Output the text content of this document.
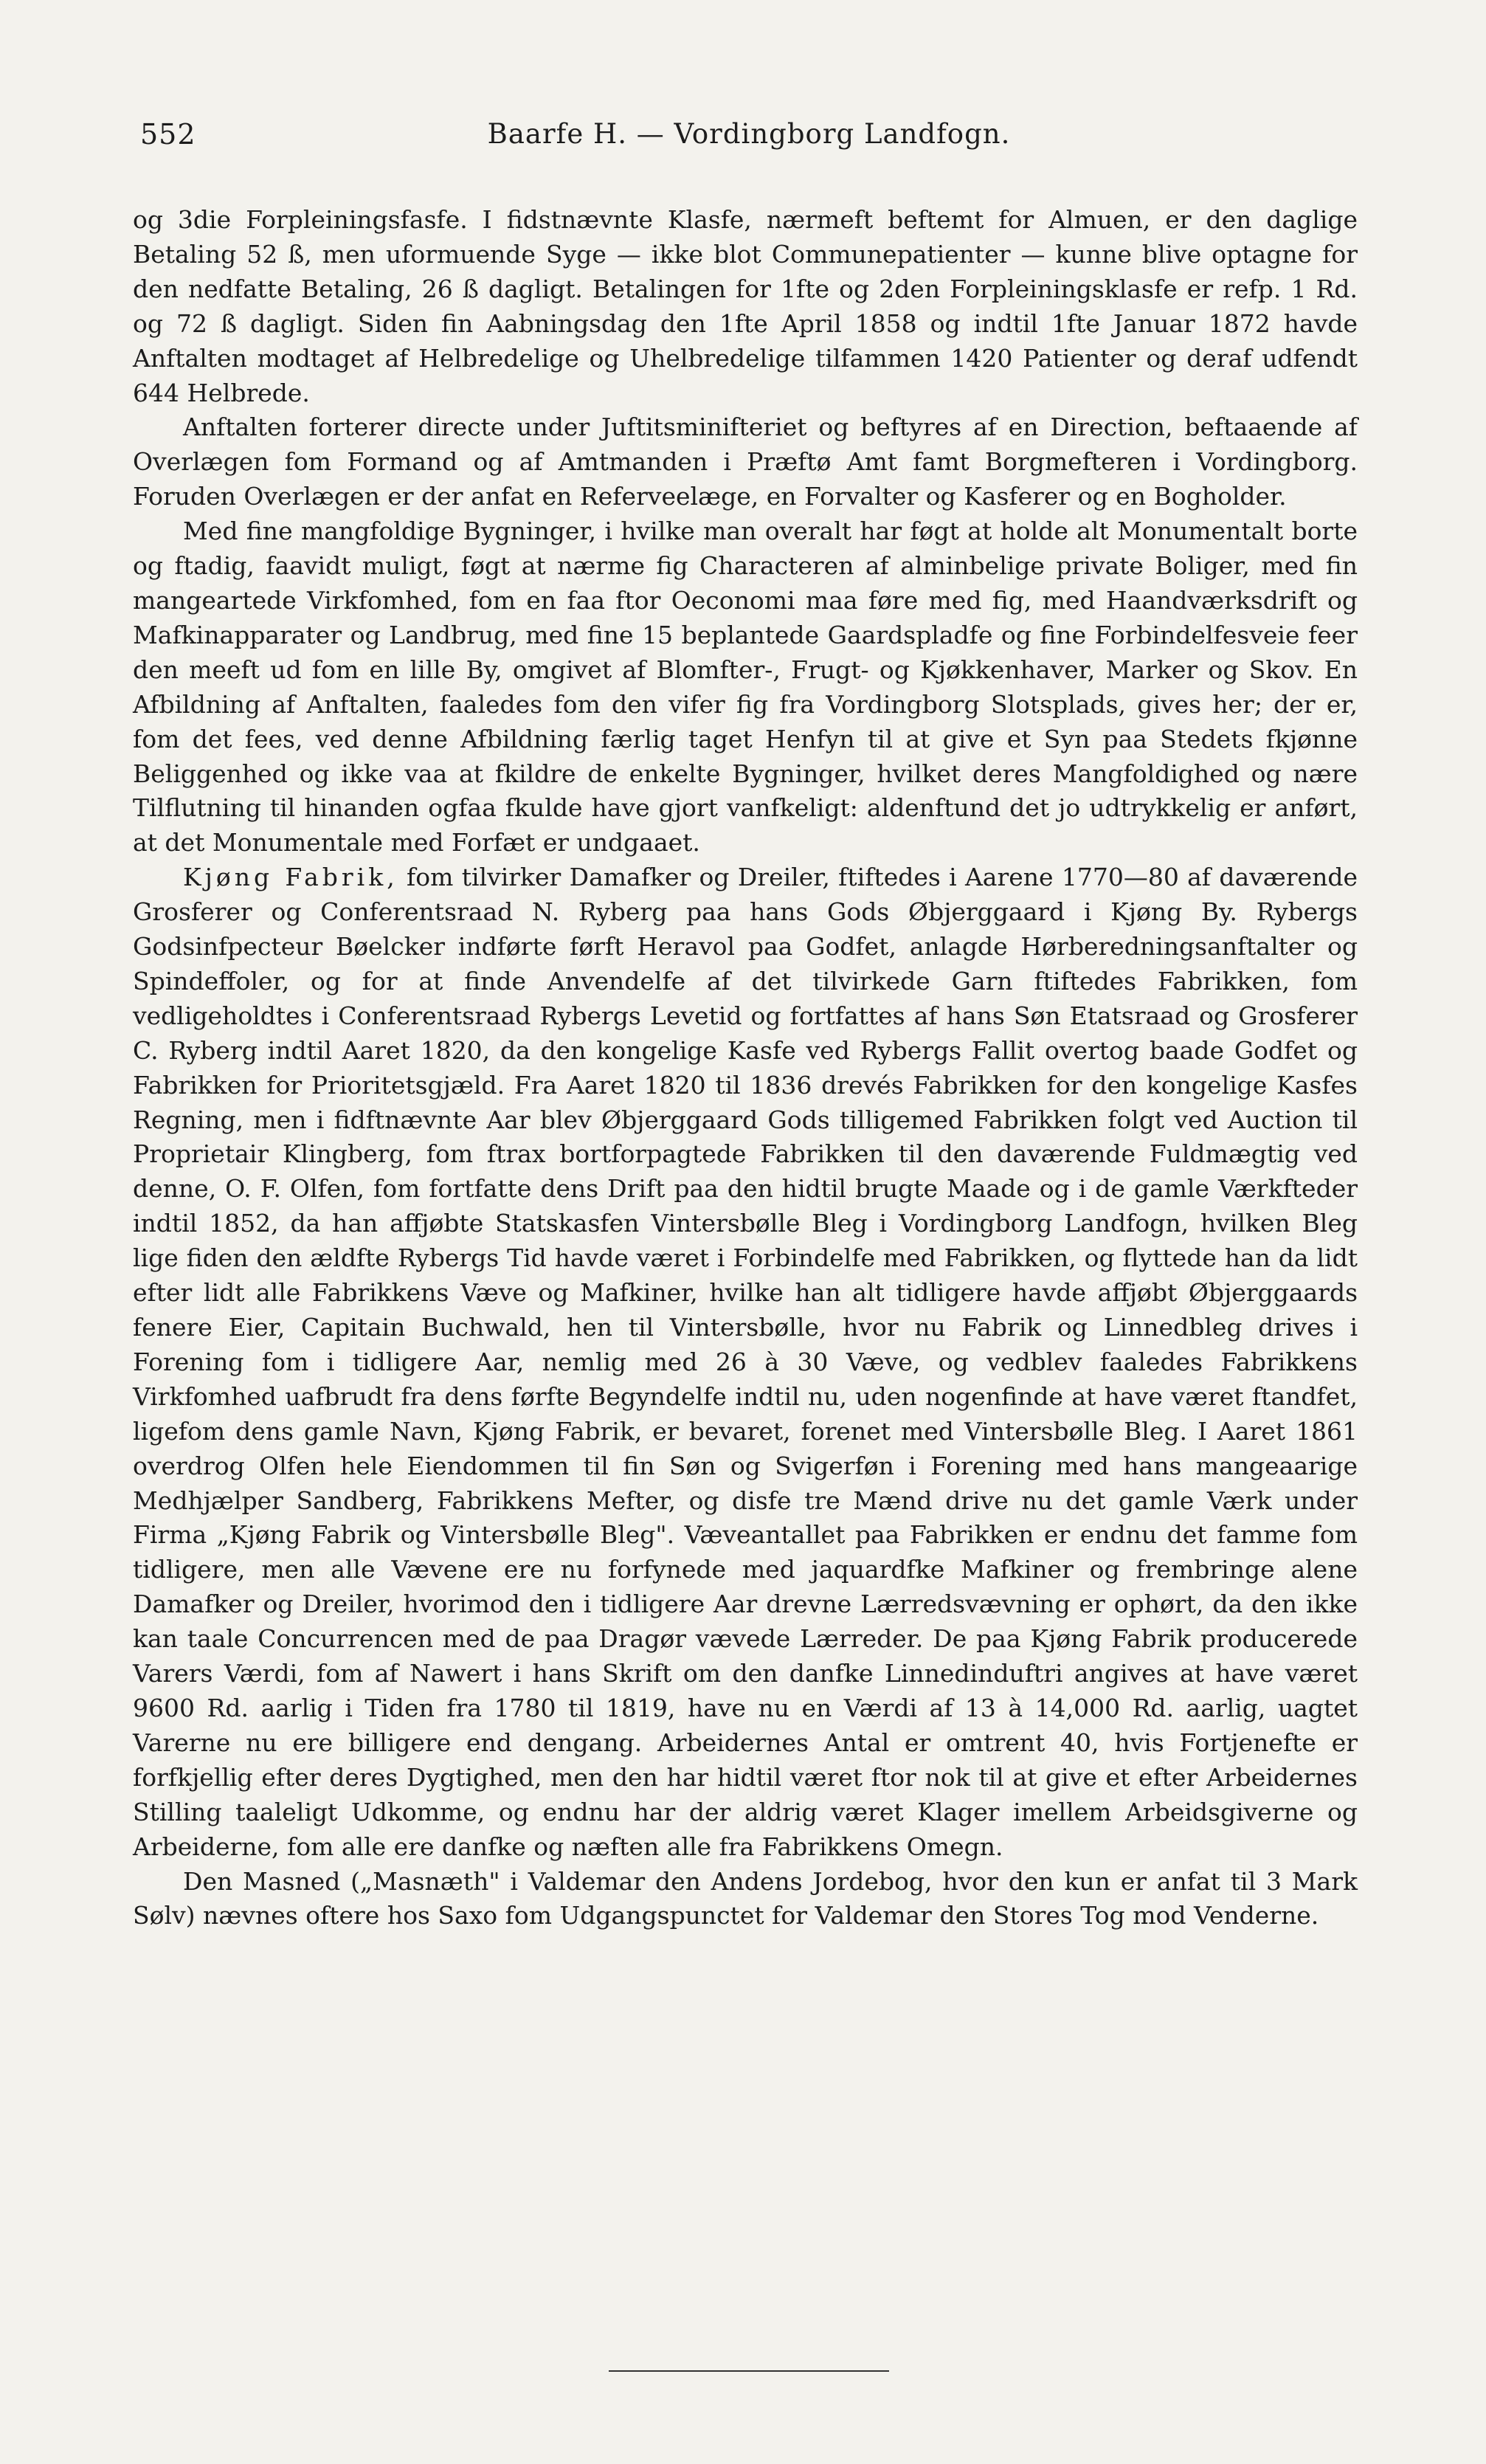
552	Baarfe H. — Vordingborg Landfogn.

og 3die Forpleiningsfasfe. I fidstnævnte Klasfe, nærmeft beftemt for Almuen, er den daglige Betaling 52 ß, men uformuende Syge — ikke blot Communepatienter — kunne blive optagne for den nedfatte Betaling, 26 ß dagligt. Betalingen for 1fte og 2den Forpleiningsklasfe er refp. 1 Rd. og 72 ß dagligt. Siden fin Aabningsdag den 1fte April 1858 og indtil 1fte Januar 1872 havde Anftalten modtaget af Helbredelige og Uhelbredelige tilfammen 1420 Patienter og deraf udfendt 644 Helbrede.

Anftalten forterer directe under Juftitsminifteriet og beftyres af en Direction, beftaaende af Overlægen fom Formand og af Amtmanden i Præftø Amt famt Borgmefteren i Vordingborg. Foruden Overlægen er der anfat en Referveelæge, en Forvalter og Kasferer og en Bogholder.

Med fine mangfoldige Bygninger, i hvilke man overalt har føgt at holde alt Monumentalt borte og ftadig, faavidt muligt, føgt at nærme fig Characteren af alminbelige private Boliger, med fin mangeartede Virkfomhed, fom en faa ftor Oeconomi maa føre med fig, med Haandværksdrift og Mafkinapparater og Landbrug, med fine 15 beplantede Gaardspladfe og fine Forbindelfesveie feer den meeft ud fom en lille By, omgivet af Blomfter-, Frugt- og Kjøkkenhaver, Marker og Skov. En Afbildning af Anftalten, faaledes fom den vifer fig fra Vordingborg Slotsplads, gives her; der er, fom det fees, ved denne Afbildning færlig taget Henfyn til at give et Syn paa Stedets fkjønne Beliggenhed og ikke vaa at fkildre de enkelte Bygninger, hvilket deres Mangfoldighed og nære Tilflutning til hinanden ogfaa fkulde have gjort vanfkeligt: aldenftund det jo udtrykkelig er anført, at det Monumentale med Forfæt er undgaaet.

Kjøng Fabrik, fom tilvirker Damafker og Dreiler, ftiftedes i Aarene 1770—80 af daværende Grosferer og Conferentsraad N. Ryberg paa hans Gods Øbjerggaard i Kjøng By. Rybergs Godsinfpecteur Bøelcker indførte førft Heravol paa Godfet, anlagde Hørberedningsanftalter og Spindeffoler, og for at finde Anvendelfe af det tilvirkede Garn ftiftedes Fabrikken, fom vedligeholdtes i Conferentsraad Rybergs Levetid og fortfattes af hans Søn Etatsraad og Grosferer C. Ryberg indtil Aaret 1820, da den kongelige Kasfe ved Rybergs Fallit overtog baade Godfet og Fabrikken for Prioritetsgjæld. Fra Aaret 1820 til 1836 drevés Fabrikken for den kongelige Kasfes Regning, men i fidftnævnte Aar blev Øbjerggaard Gods tilligemed Fabrikken folgt ved Auction til Proprietair Klingberg, fom ftrax bortforpagtede Fabrikken til den daværende Fuldmægtig ved denne, O. F. Olfen, fom fortfatte dens Drift paa den hidtil brugte Maade og i de gamle Værkfteder indtil 1852, da han affjøbte Statskasfen Vintersbølle Bleg i Vordingborg Landfogn, hvilken Bleg lige fiden den ældfte Rybergs Tid havde været i Forbindelfe med Fabrikken, og flyttede han da lidt efter lidt alle Fabrikkens Væve og Mafkiner, hvilke han alt tidligere havde affjøbt Øbjerggaards fenere Eier, Capitain Buchwald, hen til Vintersbølle, hvor nu Fabrik og Linnedbleg drives i Forening fom i tidligere Aar, nemlig med 26 à 30 Væve, og vedblev faaledes Fabrikkens Virkfomhed uafbrudt fra dens førfte Begyndelfe indtil nu, uden nogenfinde at have været ftandfet, ligefom dens gamle Navn, Kjøng Fabrik, er bevaret, forenet med Vintersbølle Bleg. I Aaret 1861 overdrog Olfen hele Eiendommen til fin Søn og Svigerføn i Forening med hans mangeaarige Medhjælper Sandberg, Fabrikkens Mefter, og disfe tre Mænd drive nu det gamle Værk under Firma „Kjøng Fabrik og Vintersbølle Bleg". Væveantallet paa Fabrikken er endnu det famme fom tidligere, men alle Vævene ere nu forfynede med jaquardfke Mafkiner og frembringe alene Damafker og Dreiler, hvorimod den i tidligere Aar drevne Lærredsvævning er ophørt, da den ikke kan taale Concurrencen med de paa Dragør vævede Lærreder. De paa Kjøng Fabrik producerede Varers Værdi, fom af Nawert i hans Skrift om den danfke Linnedinduftri angives at have været 9600 Rd. aarlig i Tiden fra 1780 til 1819, have nu en Værdi af 13 à 14,000 Rd. aarlig, uagtet Varerne nu ere billigere end dengang. Arbeidernes Antal er omtrent 40, hvis Fortjenefte er forfkjellig efter deres Dygtighed, men den har hidtil været ftor nok til at give et efter Arbeidernes Stilling taaleligt Udkomme, og endnu har der aldrig været Klager imellem Arbeidsgiverne og Arbeiderne, fom alle ere danfke og næften alle fra Fabrikkens Omegn.

Den Masned („Masnæth" i Valdemar den Andens Jordebog, hvor den kun er anfat til 3 Mark Sølv) nævnes oftere hos Saxo fom Udgangspunctet for Valdemar den Stores Tog mod Venderne.
